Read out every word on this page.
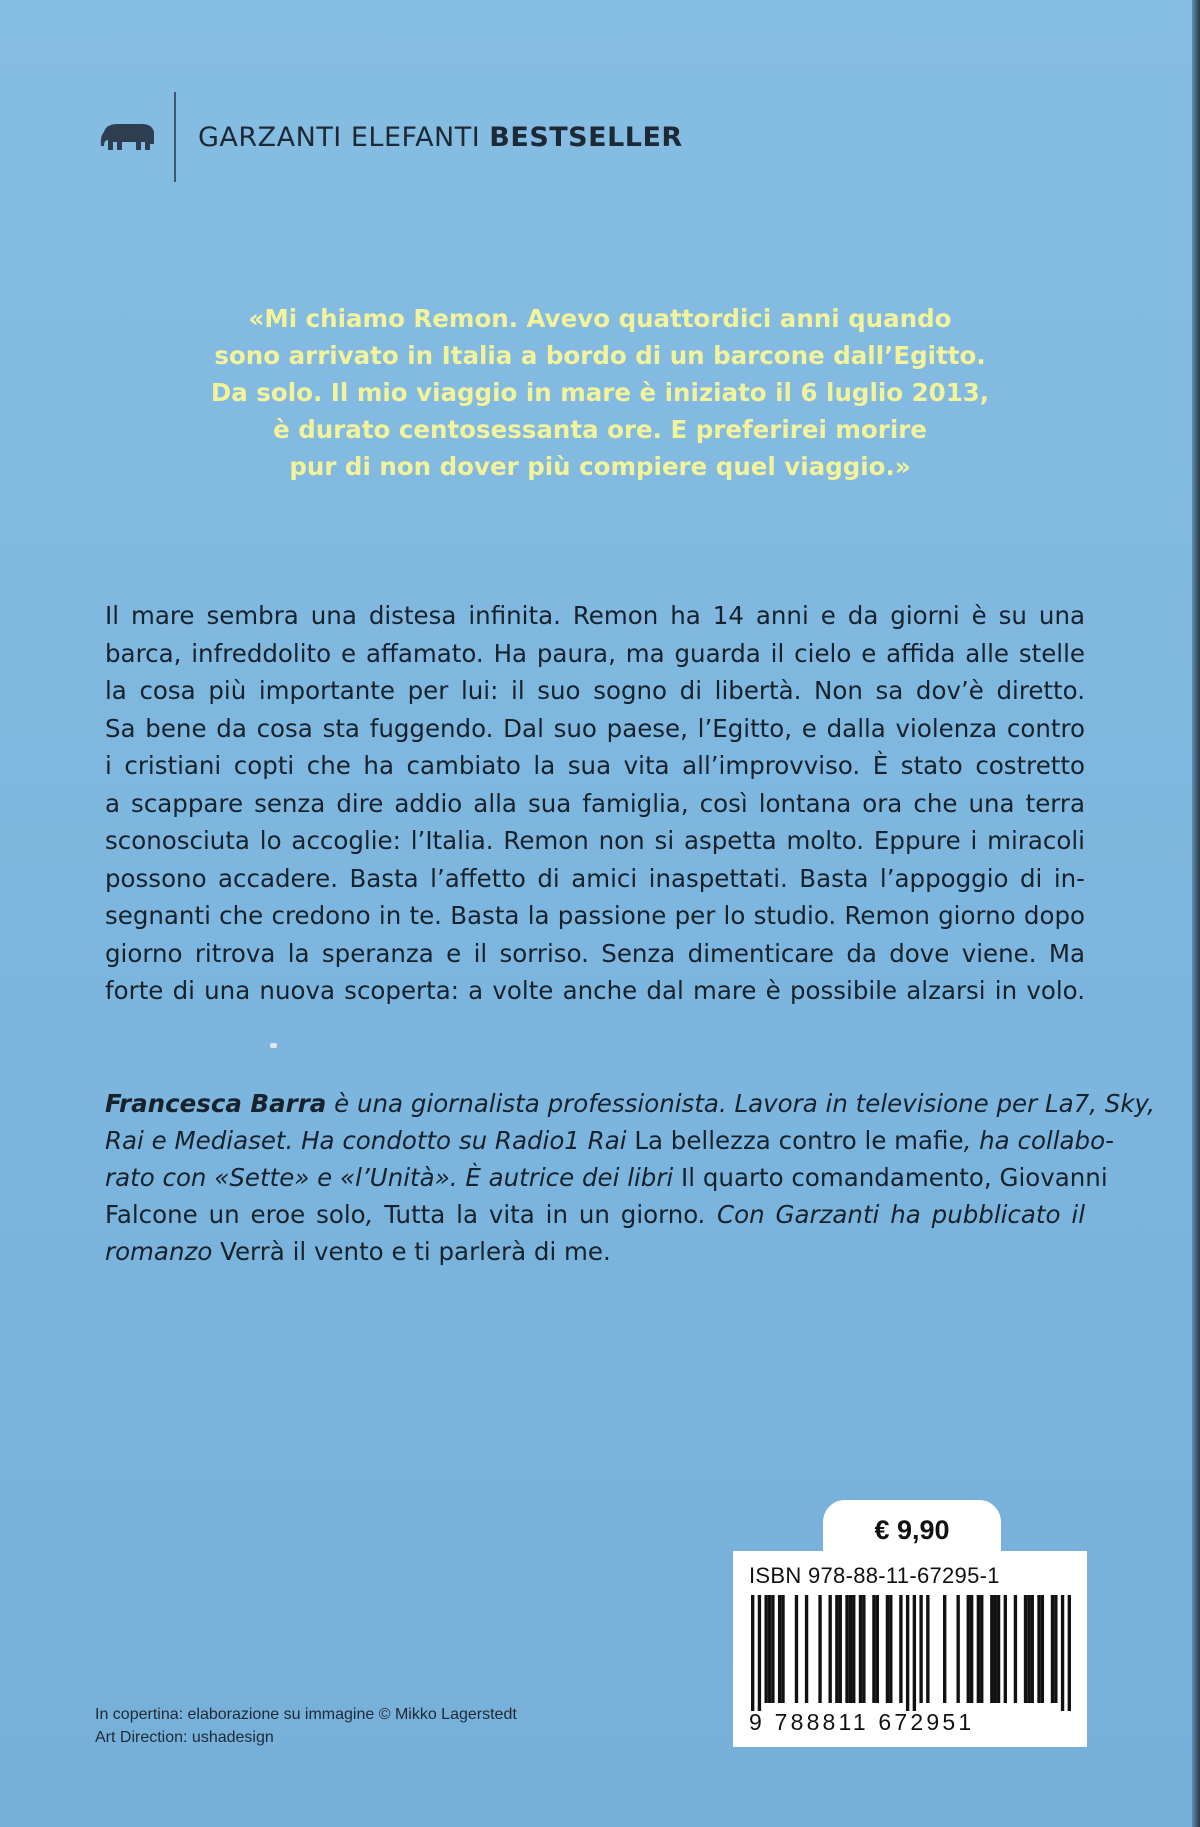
GARZANTI ELEFANTI BESTSELLER

«Mi chiamo Remon. Avevo quattordici anni quando

sono arrivato in Italia a bordo di un barcone dall’Egitto.

Da solo. Il mio viaggio in mare è iniziato il 6 luglio 2013,

è durato centosessanta ore. E preferirei morire

pur di non dover più compiere quel viaggio.»

Il mare sembra una distesa infinita. Remon ha 14 anni e da giorni è su una

barca, infreddolito e affamato. Ha paura, ma guarda il cielo e affida alle stelle

la cosa più importante per lui: il suo sogno di libertà. Non sa dov’è diretto.

Sa bene da cosa sta fuggendo. Dal suo paese, l’Egitto, e dalla violenza contro

i cristiani copti che ha cambiato la sua vita all’improvviso. È stato costretto

a scappare senza dire addio alla sua famiglia, così lontana ora che una terra

sconosciuta lo accoglie: l’Italia. Remon non si aspetta molto. Eppure i miracoli

possono accadere. Basta l’affetto di amici inaspettati. Basta l’appoggio di in-

segnanti che credono in te. Basta la passione per lo studio. Remon giorno dopo

giorno ritrova la speranza e il sorriso. Senza dimenticare da dove viene. Ma

forte di una nuova scoperta: a volte anche dal mare è possibile alzarsi in volo.

Francesca Barra è una giornalista professionista. Lavora in televisione per La7, Sky,

Rai e Mediaset. Ha condotto su Radio1 Rai La bellezza contro le mafie, ha collabo-

rato con «Sette» e «l’Unità». È autrice dei libri Il quarto comandamento, Giovanni

Falcone un eroe solo, Tutta la vita in un giorno. Con Garzanti ha pubblicato il

romanzo Verrà il vento e ti parlerà di me.

€ 9,90
ISBN 978-88-11-67295-1
9 788811 672951

In copertina: elaborazione su immagine © Mikko Lagerstedt

Art Direction: ushadesign
